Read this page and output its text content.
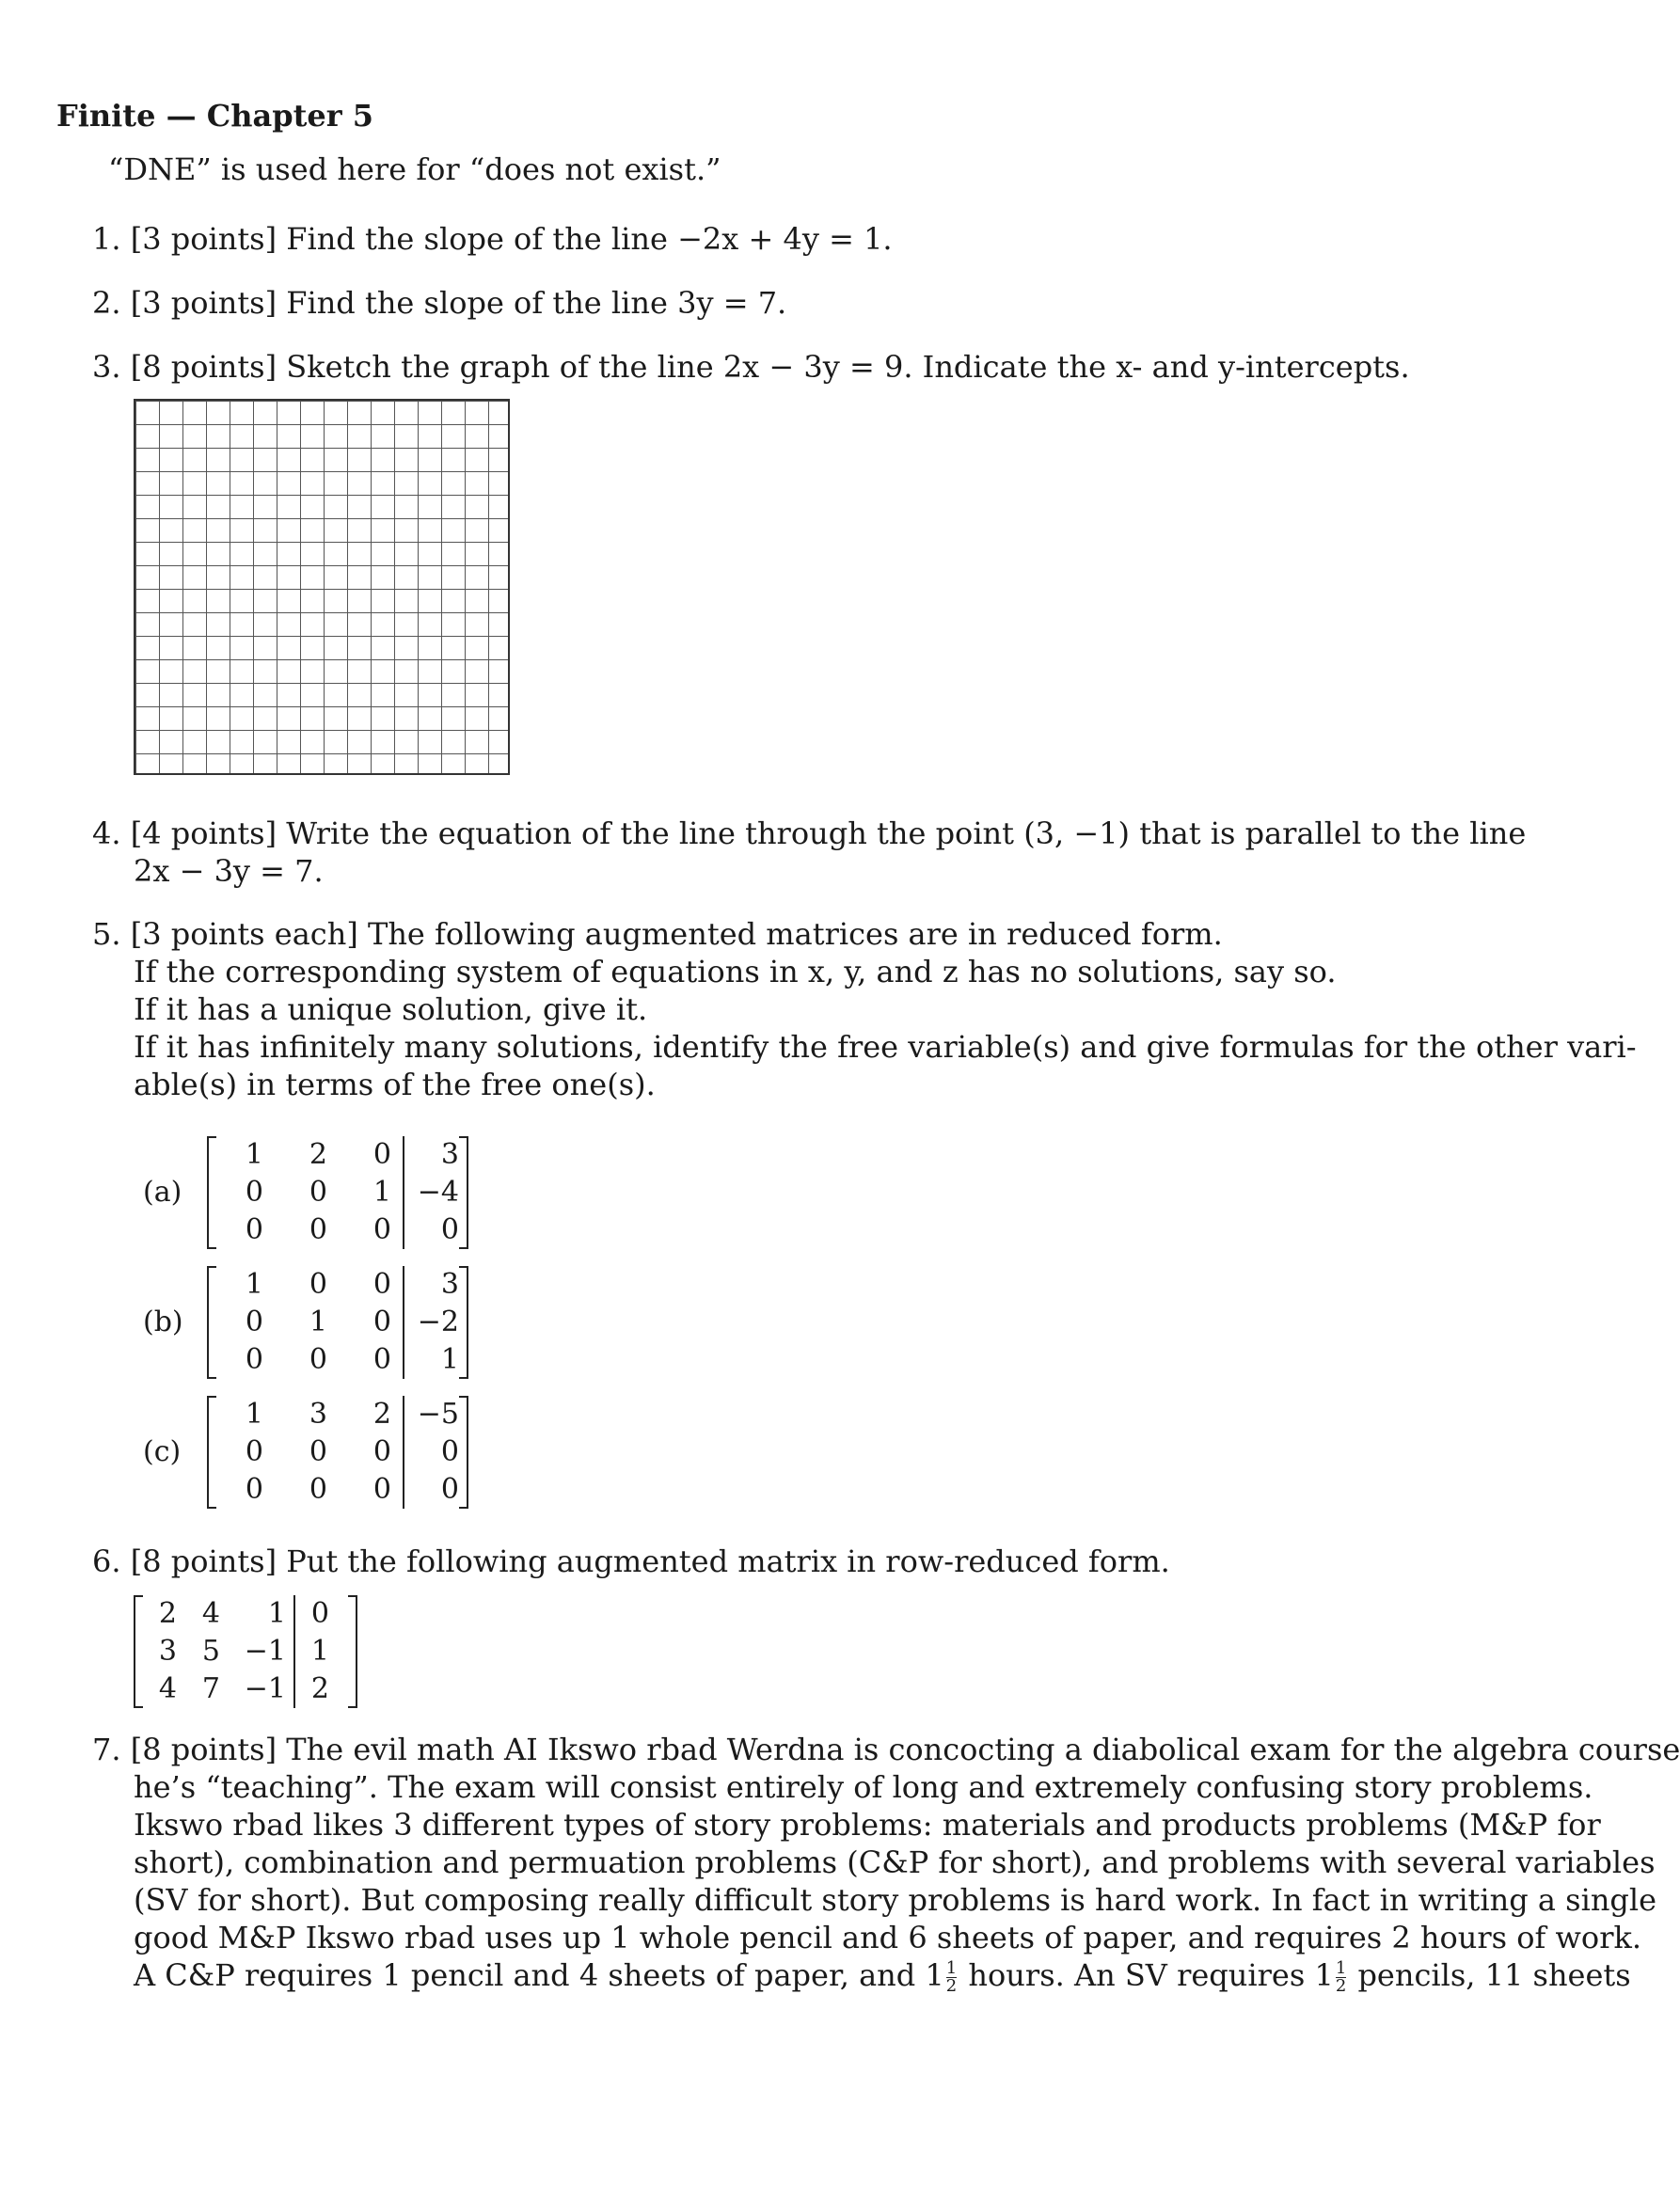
Finite — Chapter 5
“DNE” is used here for “does not exist.”
1. [3 points] Find the slope of the line −2x + 4y = 1.
2. [3 points] Find the slope of the line 3y = 7.
3. [8 points] Sketch the graph of the line 2x − 3y = 9. Indicate the x- and y-intercepts.
4. [4 points] Write the equation of the line through the point (3, −1) that is parallel to the line
2x − 3y = 7.
5. [3 points each] The following augmented matrices are in reduced form.
If the corresponding system of equations in x, y, and z has no solutions, say so.
If it has a unique solution, give it.
If it has infinitely many solutions, identify the free variable(s) and give formulas for the other vari-
able(s) in terms of the free one(s).
(a)
1	2	0	3
0	0	1	−4
0	0	0	0
(b)
1	0	0	3
0	1	0	−2
0	0	0	1
(c)
1	3	2	−5
0	0	0	0
0	0	0	0
6. [8 points] Put the following augmented matrix in row-reduced form.
2	4	1	0
3	5	−1	1
4	7	−1	2
7. [8 points] The evil math AI Ikswo rbad Werdna is concocting a diabolical exam for the algebra course
he’s “teaching”. The exam will consist entirely of long and extremely confusing story problems.
Ikswo rbad likes 3 different types of story problems: materials and products problems (M&P for
short), combination and permuation problems (C&P for short), and problems with several variables
(SV for short). But composing really difficult story problems is hard work. In fact in writing a single
good M&P Ikswo rbad uses up 1 whole pencil and 6 sheets of paper, and requires 2 hours of work.
A C&P requires 1 pencil and 4 sheets of paper, and $1 \frac{1}{2}$ hours. An SV requires $1 \frac{1}{2}$ pencils, 11 sheets
